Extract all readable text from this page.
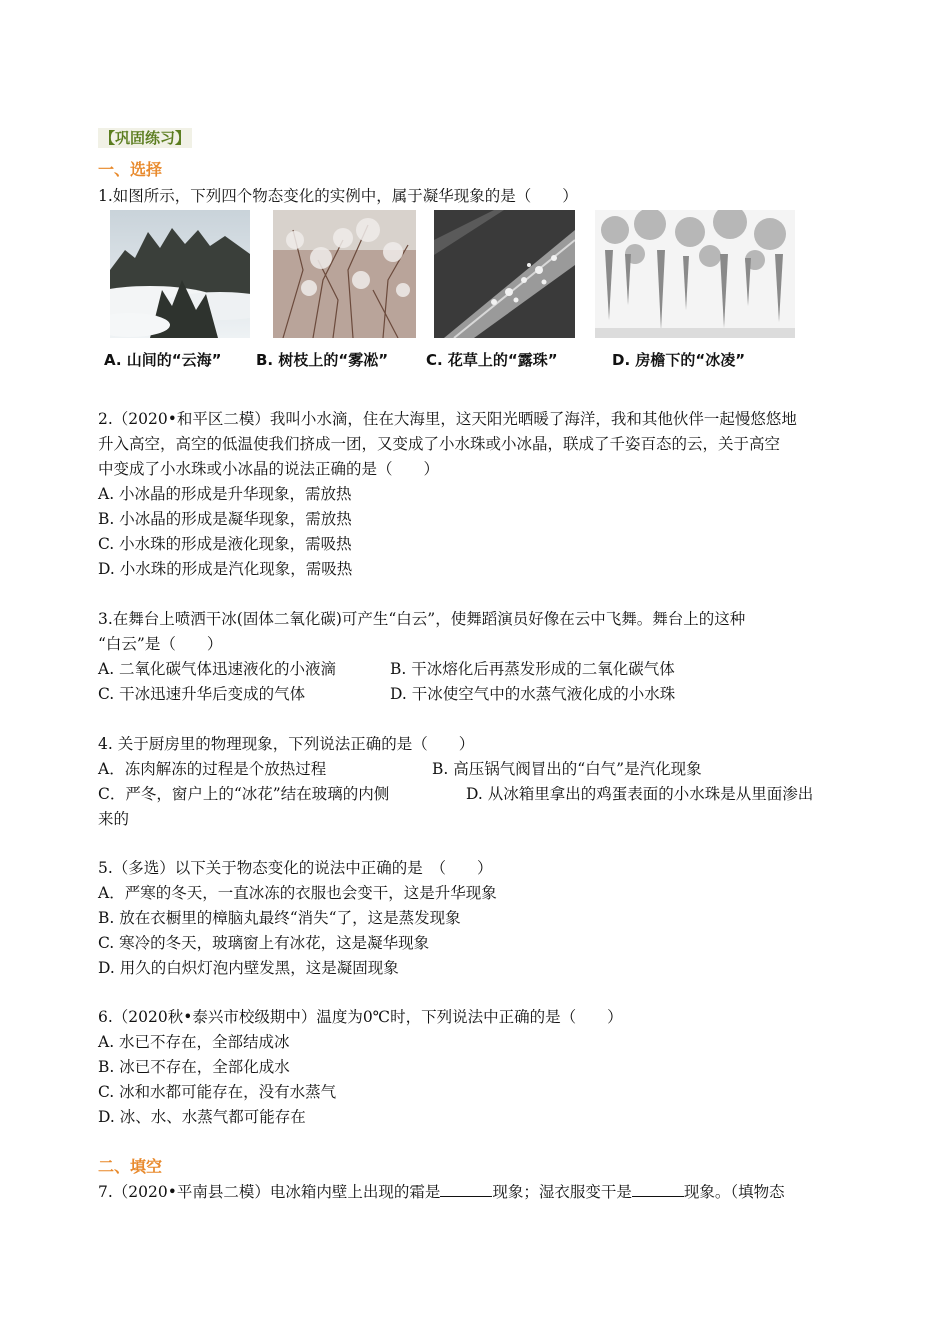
【巩固练习】
一、选择
1.如图所示，下列四个物态变化的实例中，属于凝华现象的是（　　）
A. 山间的“云海” B. 树枝上的“雾凇”	C. 花草上的“露珠”	D. 房檐下的“冰凌”
2.（2020•和平区二模）我叫小水滴，住在大海里，这天阳光晒暖了海洋，我和其他伙伴一起慢悠悠地
升入高空，高空的低温使我们挤成一团，又变成了小水珠或小冰晶，联成了千姿百态的云，关于高空
中变成了小水珠或小冰晶的说法正确的是（　　）
A. 小冰晶的形成是升华现象，需放热
B. 小冰晶的形成是凝华现象，需放热
C. 小水珠的形成是液化现象，需吸热
D. 小水珠的形成是汽化现象，需吸热
3.在舞台上喷洒干冰(固体二氧化碳)可产生“白云”，使舞蹈演员好像在云中飞舞。舞台上的这种
“白云”是（　　）
A. 二氧化碳气体迅速液化的小液滴	B. 干冰熔化后再蒸发形成的二氧化碳气体
C. 干冰迅速升华后变成的气体	D. 干冰使空气中的水蒸气液化成的小水珠
4. 关于厨房里的物理现象，下列说法正确的是（　　）
A．冻肉解冻的过程是个放热过程	B. 高压锅气阀冒出的“白气”是汽化现象
C．严冬，窗户上的“冰花”结在玻璃的内侧	D. 从冰箱里拿出的鸡蛋表面的小水珠是从里面渗出
来的
5.（多选）以下关于物态变化的说法中正确的是　（　　）
A．严寒的冬天，一直冰冻的衣服也会变干，这是升华现象
B. 放在衣橱里的樟脑丸最终“消失“了，这是蒸发现象
C. 寒冷的冬天，玻璃窗上有冰花，这是凝华现象
D. 用久的白炽灯泡内壁发黑，这是凝固现象
6.（2020秋•泰兴市校级期中）温度为0℃时，下列说法中正确的是（　　）
A. 水已不存在，全部结成冰
B. 冰已不存在，全部化成水
C. 冰和水都可能存在，没有水蒸气
D. 冰、水、水蒸气都可能存在
二、填空
7.（2020•平南县二模）电冰箱内壁上出现的霜是	现象；湿衣服变干是	现象。（填物态
